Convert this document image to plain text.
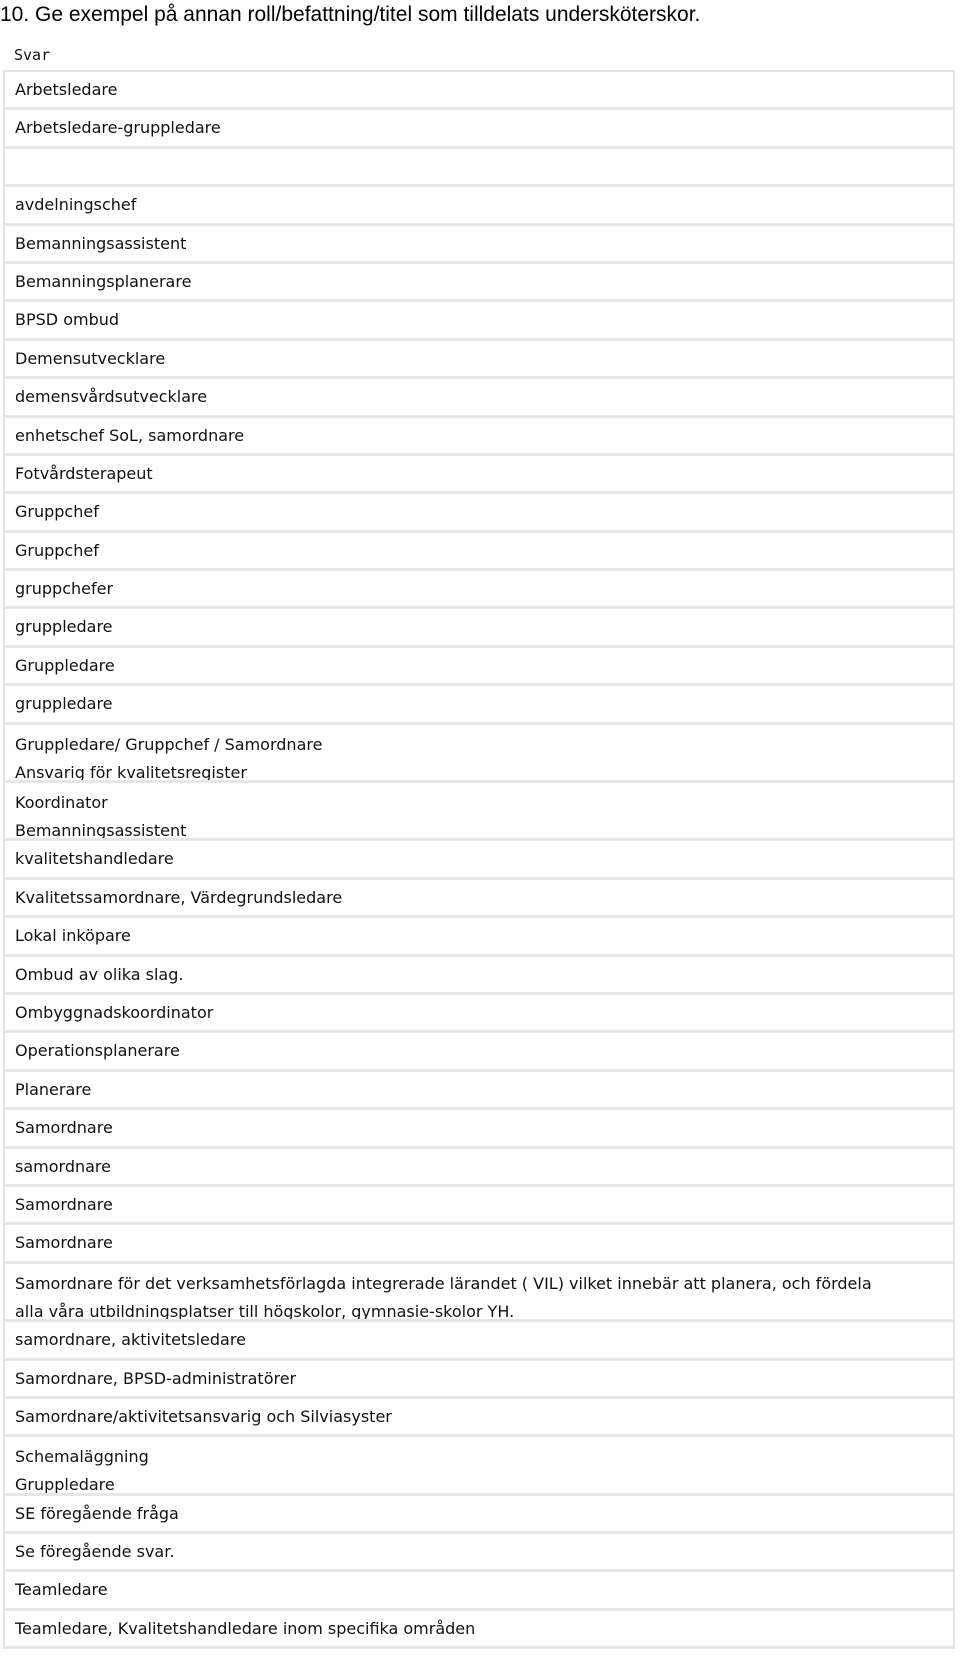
10. Ge exempel på annan roll/befattning/titel som tilldelats undersköterskor.
Svar
Arbetsledare
Arbetsledare-gruppledare
avdelningschef
Bemanningsassistent
Bemanningsplanerare
BPSD ombud
Demensutvecklare
demensvårdsutvecklare
enhetschef SoL, samordnare
Fotvårdsterapeut
Gruppchef
Gruppchef
gruppchefer
gruppledare
Gruppledare
gruppledare
Gruppledare/ Gruppchef / Samordnare
Ansvarig för kvalitetsregister
Koordinator
Bemanningsassistent
kvalitetshandledare
Kvalitetssamordnare, Värdegrundsledare
Lokal inköpare
Ombud av olika slag.
Ombyggnadskoordinator
Operationsplanerare
Planerare
Samordnare
samordnare
Samordnare
Samordnare
Samordnare för det verksamhetsförlagda integrerade lärandet ( VIL) vilket innebär att planera, och fördela
alla våra utbildningsplatser till högskolor, gymnasie-skolor YH.
samordnare, aktivitetsledare
Samordnare, BPSD-administratörer
Samordnare/aktivitetsansvarig och Silviasyster
Schemaläggning
Gruppledare
SE föregående fråga
Se föregående svar.
Teamledare
Teamledare, Kvalitetshandledare inom specifika områden
